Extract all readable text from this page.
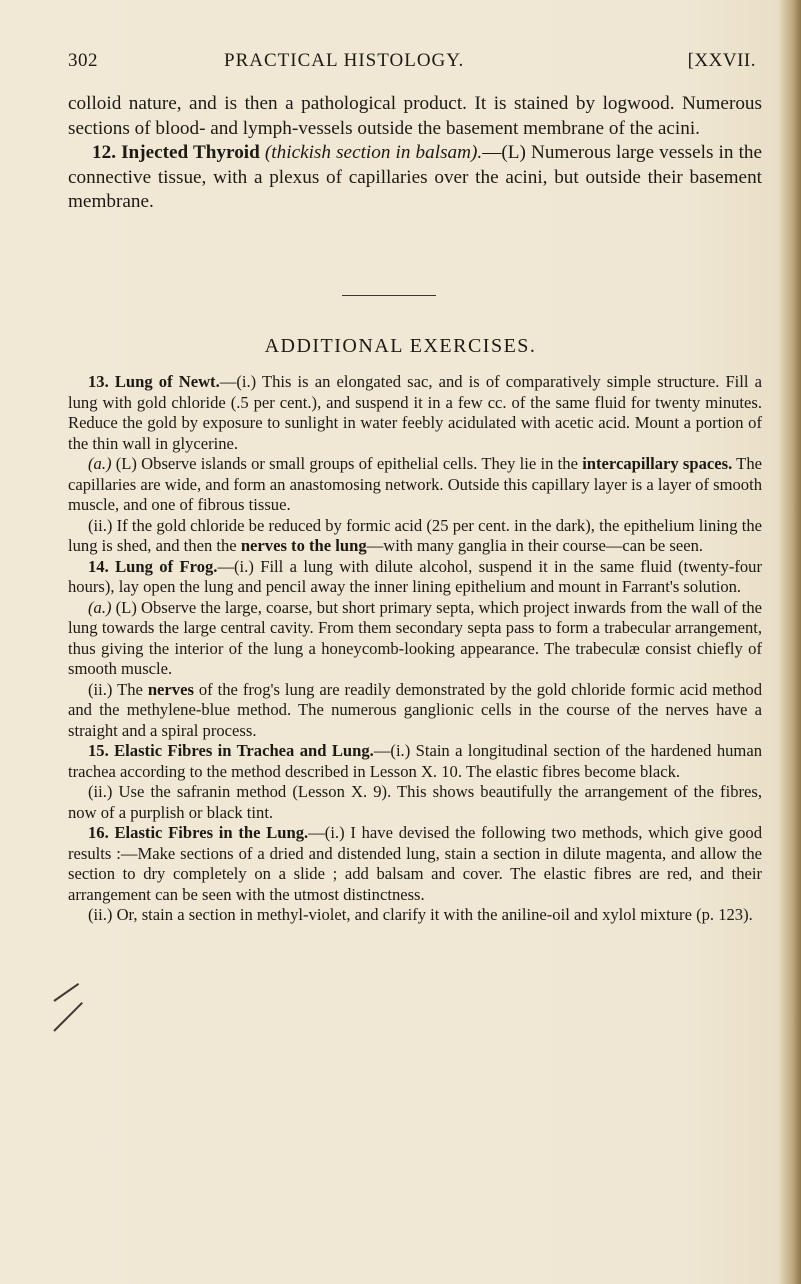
302	PRACTICAL HISTOLOGY.	[XXVII.

colloid nature, and is then a pathological product. It is stained by logwood. Numerous sections of blood- and lymph-vessels outside the basement membrane of the acini.

12. Injected Thyroid (thickish section in balsam).—(L) Numerous large vessels in the connective tissue, with a plexus of capillaries over the acini, but outside their basement membrane.

ADDITIONAL EXERCISES.

13. Lung of Newt.—(i.) This is an elongated sac, and is of comparatively simple structure. Fill a lung with gold chloride (.5 per cent.), and suspend it in a few cc. of the same fluid for twenty minutes. Reduce the gold by exposure to sunlight in water feebly acidulated with acetic acid. Mount a portion of the thin wall in glycerine.

(a.) (L) Observe islands or small groups of epithelial cells. They lie in the intercapillary spaces. The capillaries are wide, and form an anastomosing network. Outside this capillary layer is a layer of smooth muscle, and one of fibrous tissue.

(ii.) If the gold chloride be reduced by formic acid (25 per cent. in the dark), the epithelium lining the lung is shed, and then the nerves to the lung—with many ganglia in their course—can be seen.

14. Lung of Frog.—(i.) Fill a lung with dilute alcohol, suspend it in the same fluid (twenty-four hours), lay open the lung and pencil away the inner lining epithelium and mount in Farrant's solution.

(a.) (L) Observe the large, coarse, but short primary septa, which project inwards from the wall of the lung towards the large central cavity. From them secondary septa pass to form a trabecular arrangement, thus giving the interior of the lung a honeycomb-looking appearance. The trabeculæ consist chiefly of smooth muscle.

(ii.) The nerves of the frog's lung are readily demonstrated by the gold chloride formic acid method and the methylene-blue method. The numerous ganglionic cells in the course of the nerves have a straight and a spiral process.

15. Elastic Fibres in Trachea and Lung.—(i.) Stain a longitudinal section of the hardened human trachea according to the method described in Lesson X. 10. The elastic fibres become black.

(ii.) Use the safranin method (Lesson X. 9). This shows beautifully the arrangement of the fibres, now of a purplish or black tint.

16. Elastic Fibres in the Lung.—(i.) I have devised the following two methods, which give good results :—Make sections of a dried and distended lung, stain a section in dilute magenta, and allow the section to dry completely on a slide ; add balsam and cover. The elastic fibres are red, and their arrangement can be seen with the utmost distinctness.

(ii.) Or, stain a section in methyl-violet, and clarify it with the aniline-oil and xylol mixture (p. 123).
